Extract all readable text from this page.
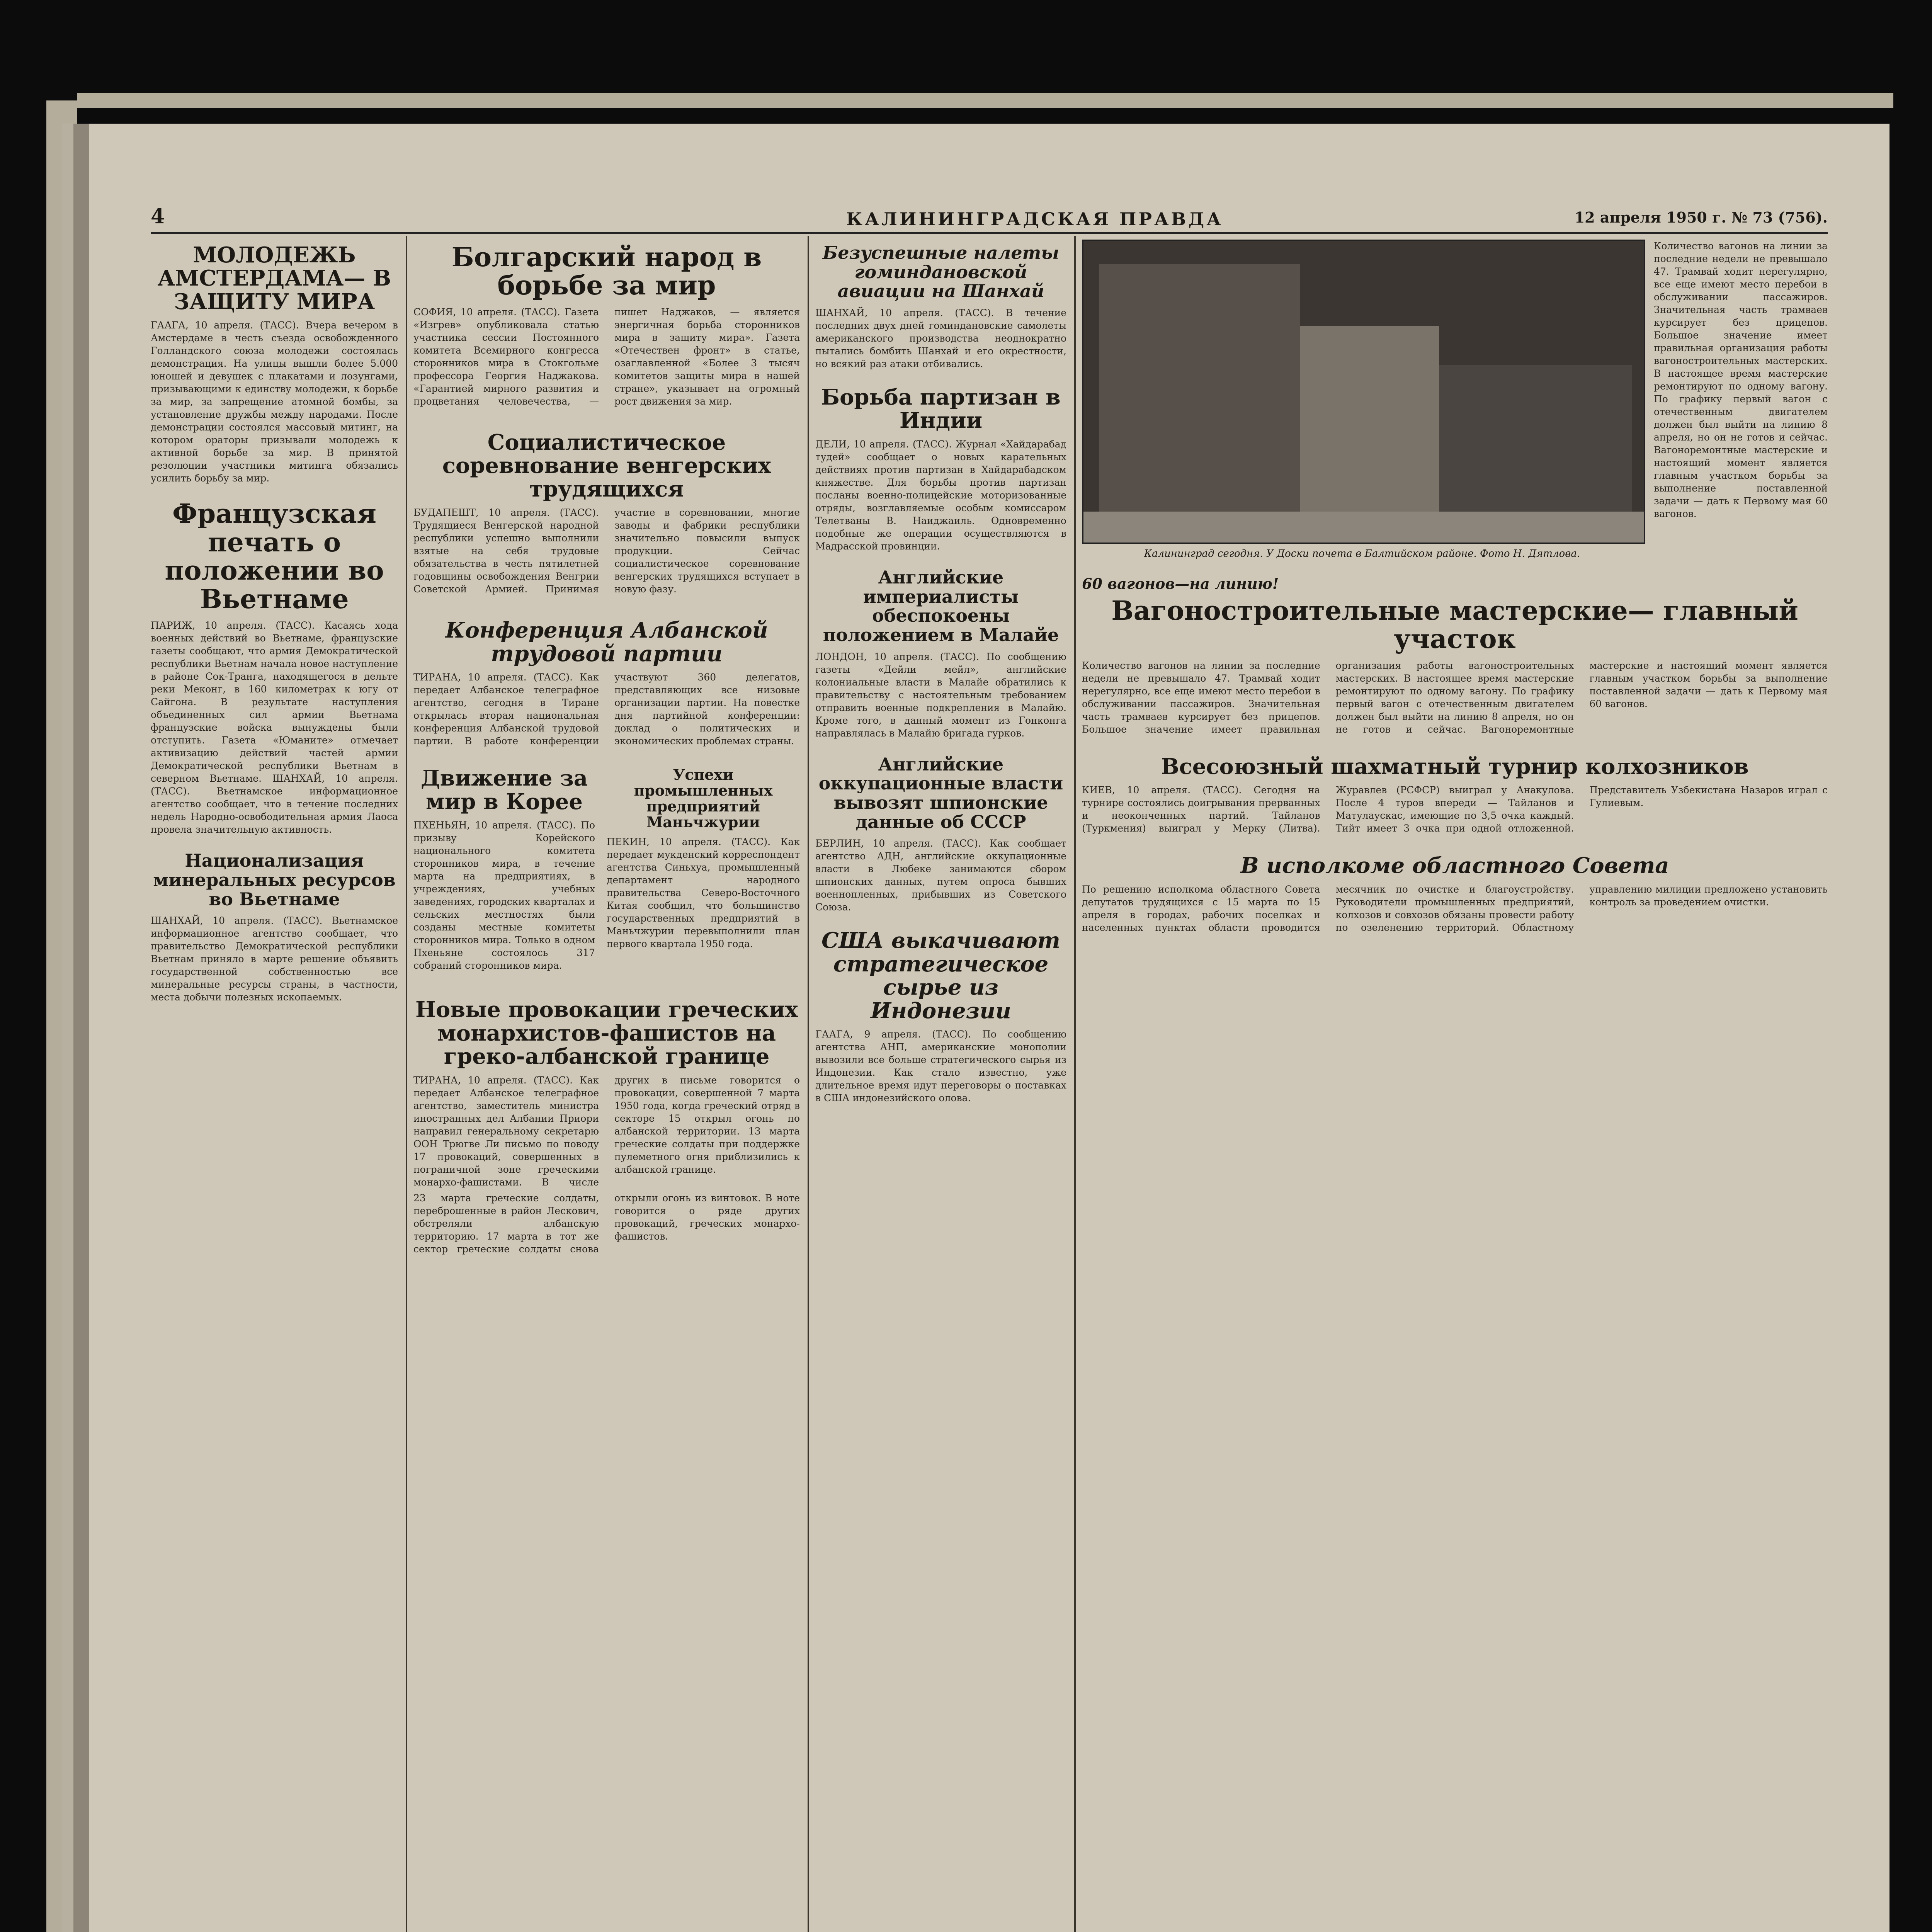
4	КАЛИНИНГРАДСКАЯ ПРАВДА	12 апреля 1950 г. № 73 (756).
МОЛОДЕЖЬ АМСТЕРДАМА— В ЗАЩИТУ МИРА

ГААГА, 10 апреля. (ТАСС). Вчера вечером в Амстердаме в честь съезда освобожденного Голландского союза молодежи состоялась демонстрация. На улицы вышли более 5.000 юношей и девушек с плакатами и лозунгами, призывающими к единству молодежи, к борьбе за мир, за запрещение атомной бомбы, за установление дружбы между народами. После демонстрации состоялся массовый митинг, на котором ораторы призывали молодежь к активной борьбе за мир. В принятой резолюции участники митинга обязались усилить борьбу за мир.

Французская печать о положении во Вьетнаме

ПАРИЖ, 10 апреля. (ТАСС). Касаясь хода военных действий во Вьетнаме, французские газеты сообщают, что армия Демократической республики Вьетнам начала новое наступление в районе Сок-Транга, находящегося в дельте реки Меконг, в 160 километрах к югу от Сайгона. В результате наступления объединенных сил армии Вьетнама французские войска вынуждены были отступить. Газета «Юманите» отмечает активизацию действий частей армии Демократической республики Вьетнам в северном Вьетнаме. ШАНХАЙ, 10 апреля. (ТАСС). Вьетнамское информационное агентство сообщает, что в течение последних недель Народно-освободительная армия Лаоса провела значительную активность.

Национализация минеральных ресурсов во Вьетнаме

ШАНХАЙ, 10 апреля. (ТАСС). Вьетнамское информационное агентство сообщает, что правительство Демократической республики Вьетнам приняло в марте решение объявить государственной собственностью все минеральные ресурсы страны, в частности, места добычи полезных ископаемых.

Болгарский народ в борьбе за мир

СОФИЯ, 10 апреля. (ТАСС). Газета «Изгрев» опубликовала статью участника сессии Постоянного комитета Всемирного конгресса сторонников мира в Стокгольме профессора Георгия Наджакова. «Гарантией мирного развития и процветания человечества, — пишет Наджаков, — является энергичная борьба сторонников мира в защиту мира». Газета «Отечествен фронт» в статье, озаглавленной «Более 3 тысяч комитетов защиты мира в нашей стране», указывает на огромный рост движения за мир.

Социалистическое соревнование венгерских трудящихся

БУДАПЕШТ, 10 апреля. (ТАСС). Трудящиеся Венгерской народной республики успешно выполнили взятые на себя трудовые обязательства в честь пятилетней годовщины освобождения Венгрии Советской Армией. Принимая участие в соревновании, многие заводы и фабрики республики значительно повысили выпуск продукции. Сейчас социалистическое соревнование венгерских трудящихся вступает в новую фазу.

Конференция Албанской трудовой партии

ТИРАНА, 10 апреля. (ТАСС). Как передает Албанское телеграфное агентство, сегодня в Тиране открылась вторая национальная конференция Албанской трудовой партии. В работе конференции участвуют 360 делегатов, представляющих все низовые организации партии. На повестке дня партийной конференции: доклад о политических и экономических проблемах страны.

Движение за мир в Корее

ПХЕНЬЯН, 10 апреля. (ТАСС). По призыву Корейского национального комитета сторонников мира, в течение марта на предприятиях, в учреждениях, учебных заведениях, городских кварталах и сельских местностях были созданы местные комитеты сторонников мира. Только в одном Пхеньяне состоялось 317 собраний сторонников мира.

Успехи промышленных предприятий Маньчжурии

ПЕКИН, 10 апреля. (ТАСС). Как передает мукденский корреспондент агентства Синьхуа, промышленный департамент народного правительства Северо-Восточного Китая сообщил, что большинство государственных предприятий в Маньчжурии перевыполнили план первого квартала 1950 года.

Новые провокации греческих монархистов-фашистов на греко-албанской границе

ТИРАНА, 10 апреля. (ТАСС). Как передает Албанское телеграфное агентство, заместитель министра иностранных дел Албании Приори направил генеральному секретарю ООН Трюгве Ли письмо по поводу 17 провокаций, совершенных в пограничной зоне греческими монархо-фашистами. В числе других в письме говорится о провокации, совершенной 7 марта 1950 года, когда греческий отряд в секторе 15 открыл огонь по албанской территории. 13 марта греческие солдаты при поддержке пулеметного огня приблизились к албанской границе.

23 марта греческие солдаты, переброшенные в район Лескович, обстреляли албанскую территорию. 17 марта в тот же сектор греческие солдаты снова открыли огонь из винтовок. В ноте говорится о ряде других провокаций, греческих монархо-фашистов.

Безуспешные налеты гоминдановской авиации на Шанхай

ШАНХАЙ, 10 апреля. (ТАСС). В течение последних двух дней гоминдановские самолеты американского производства неоднократно пытались бомбить Шанхай и его окрестности, но всякий раз атаки отбивались.

Борьба партизан в Индии

ДЕЛИ, 10 апреля. (ТАСС). Журнал «Хайдарабад тудей» сообщает о новых карательных действиях против партизан в Хайдарабадском княжестве. Для борьбы против партизан посланы военно-полицейские моторизованные отряды, возглавляемые особым комиссаром Телетваны В. Наиджаиль. Одновременно подобные же операции осуществляются в Мадрасской провинции.

Английские империалисты обеспокоены положением в Малайе

ЛОНДОН, 10 апреля. (ТАСС). По сообщению газеты «Дейли мейл», английские колониальные власти в Малайе обратились к правительству с настоятельным требованием отправить военные подкрепления в Малайю. Кроме того, в данный момент из Гонконга направлялась в Малайю бригада гурков.

Английские оккупационные власти вывозят шпионские данные об СССР

БЕРЛИН, 10 апреля. (ТАСС). Как сообщает агентство АДН, английские оккупационные власти в Любеке занимаются сбором шпионских данных, путем опроса бывших военнопленных, прибывших из Советского Союза.

США выкачивают стратегическое сырье из Индонезии

ГААГА, 9 апреля. (ТАСС). По сообщению агентства АНП, американские монополии вывозили все больше стратегического сырья из Индонезии. Как стало известно, уже длительное время идут переговоры о поставках в США индонезийского олова.

Калининград сегодня. У Доски почета в Балтийском районе. Фото Н. Дятлова.

Количество вагонов на линии за последние недели не превышало 47. Трамвай ходит нерегулярно, все еще имеют место перебои в обслуживании пассажиров. Значительная часть трамваев курсирует без прицепов. Большое значение имеет правильная организация работы вагоностроительных мастерских. В настоящее время мастерские ремонтируют по одному вагону. По графику первый вагон с отечественным двигателем должен был выйти на линию 8 апреля, но он не готов и сейчас. Вагоноремонтные мастерские и настоящий момент является главным участком борьбы за выполнение поставленной задачи — дать к Первому мая 60 вагонов.

60 вагонов—на линию!
Вагоностроительные мастерские— главный участок

Количество вагонов на линии за последние недели не превышало 47. Трамвай ходит нерегулярно, все еще имеют место перебои в обслуживании пассажиров. Значительная часть трамваев курсирует без прицепов. Большое значение имеет правильная организация работы вагоностроительных мастерских. В настоящее время мастерские ремонтируют по одному вагону. По графику первый вагон с отечественным двигателем должен был выйти на линию 8 апреля, но он не готов и сейчас. Вагоноремонтные мастерские и настоящий момент является главным участком борьбы за выполнение поставленной задачи — дать к Первому мая 60 вагонов.

Всесоюзный шахматный турнир колхозников

КИЕВ, 10 апреля. (ТАСС). Сегодня на турнире состоялись доигрывания прерванных и неоконченных партий. Тайланов (Туркмения) выиграл у Мерку (Литва). Журавлев (РСФСР) выиграл у Анакулова. После 4 туров впереди — Тайланов и Матулаускас, имеющие по 3,5 очка каждый. Тийт имеет 3 очка при одной отложенной. Представитель Узбекистана Назаров играл с Гулиевым.

В исполкоме областного Совета

По решению исполкома областного Совета депутатов трудящихся с 15 марта по 15 апреля в городах, рабочих поселках и населенных пунктах области проводится месячник по очистке и благоустройству. Руководители промышленных предприятий, колхозов и совхозов обязаны провести работу по озеленению территорий. Областному управлению милиции предложено установить контроль за проведением очистки.
